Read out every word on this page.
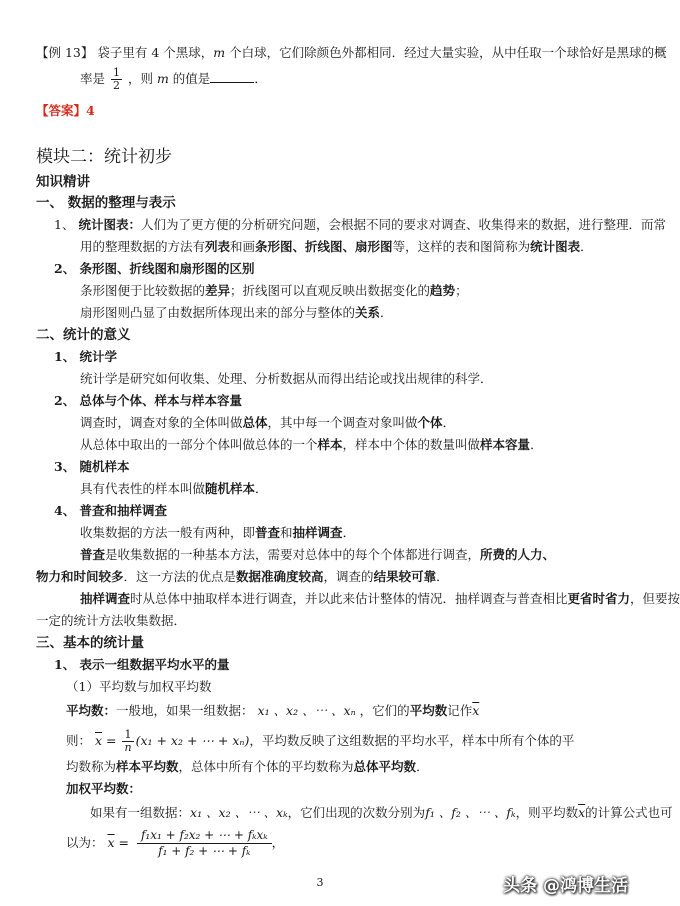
【例 13】 袋子里有 4 个黑球，m 个白球，它们除颜色外都相同．经过大量实验，从中任取一个球恰好是黑球的概
率是 $\frac{1}{2}$ ，则 m 的值是	．
【答案】4
模块二：统计初步
知识精讲
一、 数据的整理与表示
1、 统计图表：人们为了更方便的分析研究问题，会根据不同的要求对调查、收集得来的数据，进行整理．而常
用的整理数据的方法有列表和画条形图、折线图、扇形图等，这样的表和图简称为统计图表．
2、 条形图、折线图和扇形图的区别
条形图便于比较数据的差异；折线图可以直观反映出数据变化的趋势；
扇形图则凸显了由数据所体现出来的部分与整体的关系．
二、统计的意义
1、 统计学
统计学是研究如何收集、处理、分析数据从而得出结论或找出规律的科学．
2、 总体与个体、样本与样本容量
调查时，调查对象的全体叫做总体，其中每一个调查对象叫做个体．
从总体中取出的一部分个体叫做总体的一个样本，样本中个体的数量叫做样本容量．
3、 随机样本
具有代表性的样本叫做随机样本．
4、 普查和抽样调查
收集数据的方法一般有两种，即普查和抽样调查．
普查是收集数据的一种基本方法，需要对总体中的每个个体都进行调查，所费的人力、
物力和时间较多．这一方法的优点是数据准确度较高，调查的结果较可靠．
抽样调查时从总体中抽取样本进行调查，并以此来估计整体的情况．抽样调查与普查相比更省时省力，但要按
一定的统计方法收集数据．
三、基本的统计量
1、 表示一组数据平均水平的量
（1）平均数与加权平均数
平均数：一般地，如果一组数据： x₁ 、x₂ 、⋯ 、xₙ ，它们的平均数记作$\overline{x}$
则： $\overline{x} = \frac{1}{n} (x_1 + x_2$ + ⋯ + xₙ)，平均数反映了这组数据的平均水平，样本中所有个体的平
均数称为样本平均数，总体中所有个体的平均数称为总体平均数．
加权平均数：
如果有一组数据：x₁ 、x₂ 、⋯ 、xₖ，它们出现的次数分别为f₁ 、f₂ 、⋯ 、fₖ，则平均数$\overline{x}$的计算公式也可
以为： $\overline{x} = \frac{\text{f₁x₁ + f₂x₂ + ⋯ + fₖxₖ}}{\text{f₁ + f₂ + ⋯ + fₖ}}$ ，
3	头条 @鸿博生活
